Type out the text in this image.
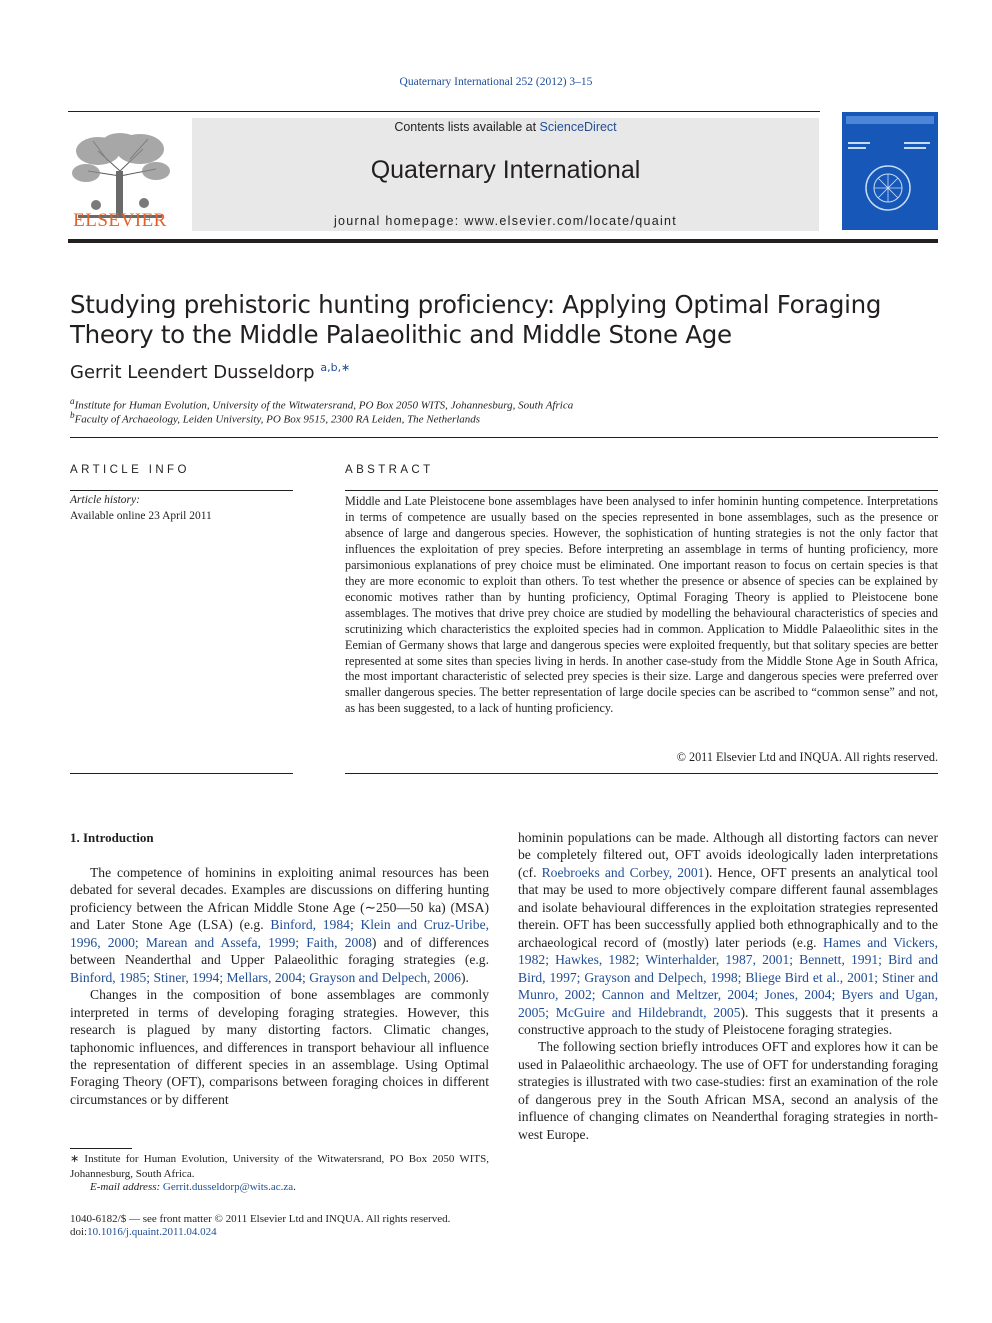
Quaternary International 252 (2012) 3–15
ELSEVIER
Contents lists available at ScienceDirect
Quaternary International
journal homepage: www.elsevier.com/locate/quaint
Studying prehistoric hunting proficiency: Applying Optimal Foraging Theory to the Middle Palaeolithic and Middle Stone Age
Gerrit Leendert Dusseldorp $^{a,b,∗}$
$^a$Institute for Human Evolution, University of the Witwatersrand, PO Box 2050 WITS, Johannesburg, South Africa
$^b$Faculty of Archaeology, Leiden University, PO Box 9515, 2300 RA Leiden, The Netherlands
ARTICLE INFO	ABSTRACT
Article history:
Available online 23 April 2011
Middle and Late Pleistocene bone assemblages have been analysed to infer hominin hunting competence. Interpretations in terms of competence are usually based on the species represented in bone assemblages, such as the presence or absence of large and dangerous species. However, the sophistication of hunting strategies is not the only factor that influences the exploitation of prey species. Before interpreting an assemblage in terms of hunting proficiency, more parsimonious explanations of prey choice must be eliminated. One important reason to focus on certain species is that they are more economic to exploit than others. To test whether the presence or absence of species can be explained by economic motives rather than by hunting proficiency, Optimal Foraging Theory is applied to Pleistocene bone assemblages. The motives that drive prey choice are studied by modelling the behavioural characteristics of species and scrutinizing which characteristics the exploited species had in common. Application to Middle Palaeolithic sites in the Eemian of Germany shows that large and dangerous species were exploited frequently, but that solitary species are better represented at some sites than species living in herds. In another case-study from the Middle Stone Age in South Africa, the most important characteristic of selected prey species is their size. Large and dangerous species were preferred over smaller dangerous species. The better representation of large docile species can be ascribed to “common sense” and not, as has been suggested, to a lack of hunting proficiency.
© 2011 Elsevier Ltd and INQUA. All rights reserved.
1. Introduction

The competence of hominins in exploiting animal resources has been debated for several decades. Examples are discussions on differing hunting proficiency between the African Middle Stone Age (∼250—50 ka) (MSA) and Later Stone Age (LSA) (e.g. Binford, 1984; Klein and Cruz-Uribe, 1996, 2000; Marean and Assefa, 1999; Faith, 2008) and of differences between Neanderthal and Upper Palaeolithic foraging strategies (e.g. Binford, 1985; Stiner, 1994; Mellars, 2004; Grayson and Delpech, 2006).

Changes in the composition of bone assemblages are commonly interpreted in terms of developing foraging strategies. However, this research is plagued by many distorting factors. Climatic changes, taphonomic influences, and differences in transport behaviour all influence the representation of different species in an assemblage. Using Optimal Foraging Theory (OFT), comparisons between foraging choices in different circumstances or by different

hominin populations can be made. Although all distorting factors can never be completely filtered out, OFT avoids ideologically laden interpretations (cf. Roebroeks and Corbey, 2001). Hence, OFT presents an analytical tool that may be used to more objectively compare different faunal assemblages and isolate behavioural differences in the exploitation strategies represented therein. OFT has been successfully applied both ethnographically and to the archaeological record of (mostly) later periods (e.g. Hames and Vickers, 1982; Hawkes, 1982; Winterhalder, 1987, 2001; Bennett, 1991; Bird and Bird, 1997; Grayson and Delpech, 1998; Bliege Bird et al., 2001; Stiner and Munro, 2002; Cannon and Meltzer, 2004; Jones, 2004; Byers and Ugan, 2005; McGuire and Hildebrandt, 2005). This suggests that it presents a constructive approach to the study of Pleistocene foraging strategies.

The following section briefly introduces OFT and explores how it can be used in Palaeolithic archaeology. The use of OFT for understanding foraging strategies is illustrated with two case-studies: first an examination of the role of dangerous prey in the South African MSA, second an analysis of the influence of changing climates on Neanderthal foraging strategies in north-west Europe.

∗ Institute for Human Evolution, University of the Witwatersrand, PO Box 2050 WITS, Johannesburg, South Africa.
E-mail address: Gerrit.dusseldorp@wits.ac.za.
1040-6182/$ — see front matter © 2011 Elsevier Ltd and INQUA. All rights reserved.
doi:10.1016/j.quaint.2011.04.024
